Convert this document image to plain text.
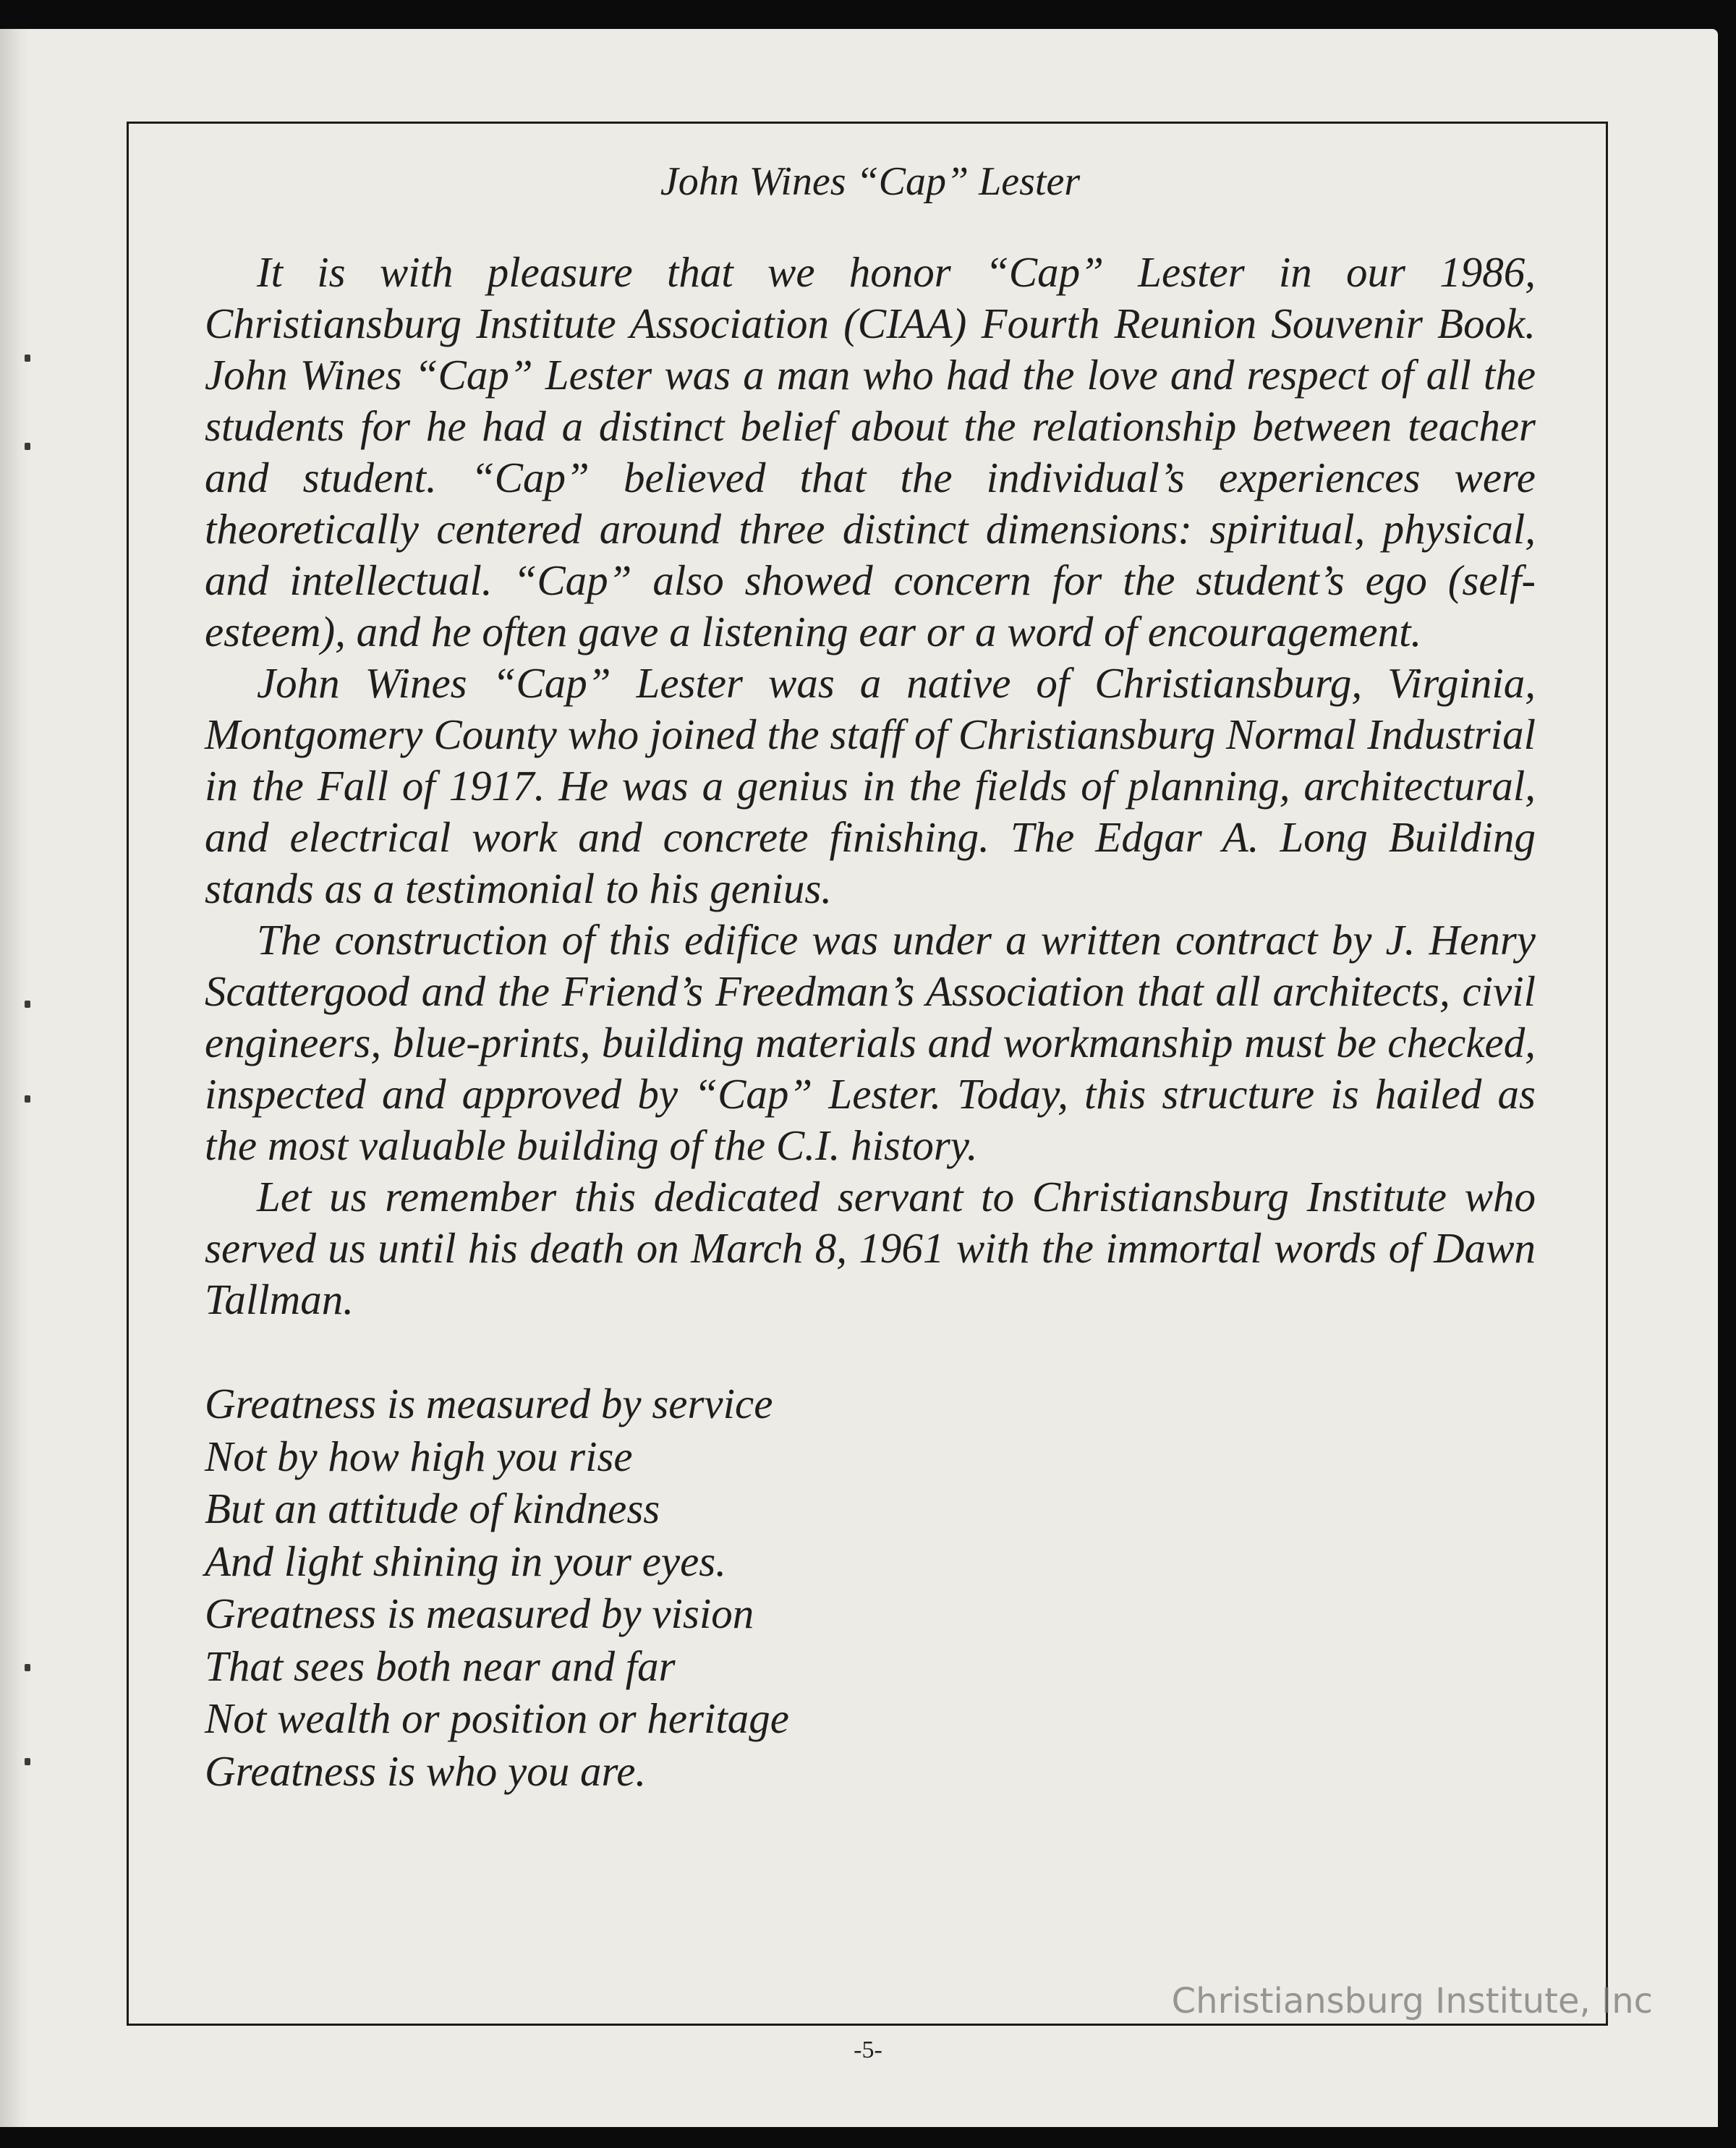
John Wines “Cap” Lester

It is with pleasure that we honor “Cap” Lester in our 1986, Christiansburg Institute Association (CIAA) Fourth Reunion Souvenir Book. John Wines “Cap” Lester was a man who had the love and respect of all the students for he had a distinct belief about the relationship between teacher and student. “Cap” believed that the individual’s experiences were theoretically centered around three distinct dimensions: spiritual, physical, and intellectual. “Cap” also showed concern for the student’s ego (self-esteem), and he often gave a listening ear or a word of encouragement.

John Wines “Cap” Lester was a native of Christiansburg, Virginia, Montgomery County who joined the staff of Christiansburg Normal Industrial in the Fall of 1917. He was a genius in the fields of planning, architectural, and electrical work and concrete finishing. The Edgar A. Long Building stands as a testimonial to his genius.

The construction of this edifice was under a written contract by J. Henry Scattergood and the Friend’s Freedman’s Association that all architects, civil engineers, blue-prints, building materials and workmanship must be checked, inspected and approved by “Cap” Lester. Today, this structure is hailed as the most valuable building of the C.I. history.

Let us remember this dedicated servant to Christiansburg Institute who served us until his death on March 8, 1961 with the immortal words of Dawn Tallman.

Greatness is measured by service
Not by how high you rise
But an attitude of kindness
And light shining in your eyes.
Greatness is measured by vision
That sees both near and far
Not wealth or position or heritage
Greatness is who you are.
Christiansburg Institute, Inc
-5-
